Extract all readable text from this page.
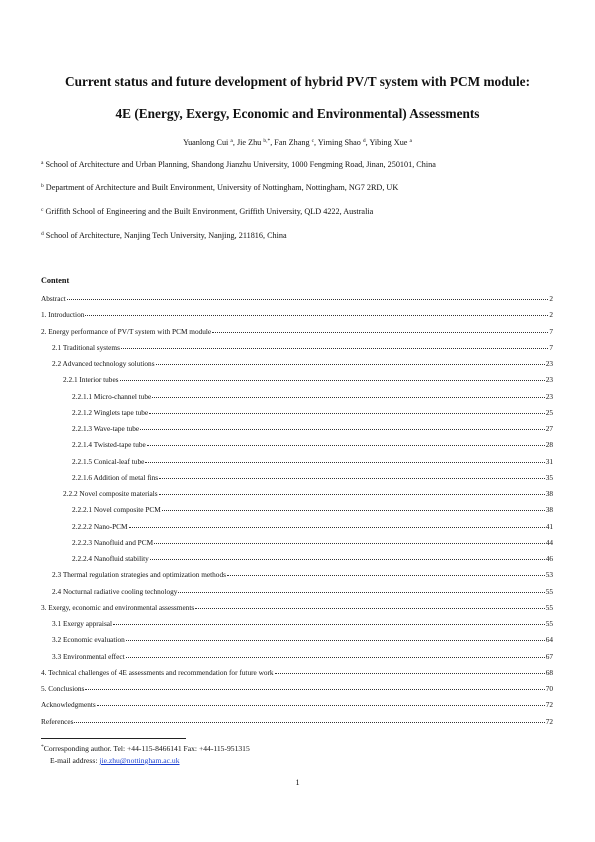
Current status and future development of hybrid PV/T system with PCM module:
4E (Energy, Exergy, Economic and Environmental) Assessments
Yuanlong Cui $^a$, Jie Zhu $^{b,*}$, Fan Zhang $^c$, Yiming Shao $^d$, Yibing Xue $^a$
$^a$ School of Architecture and Urban Planning, Shandong Jianzhu University, 1000 Fengming Road, Jinan, 250101, China
$^b$ Department of Architecture and Built Environment, University of Nottingham, Nottingham, NG7 2RD, UK
$^c$ Griffith School of Engineering and the Built Environment, Griffith University, QLD 4222, Australia
$^d$ School of Architecture, Nanjing Tech University, Nanjing, 211816, China
Content
Abstract	2
1. Introduction	2
2. Energy performance of PV/T system with PCM module	7
2.1 Traditional systems	7
2.2 Advanced technology solutions	23
2.2.1 Interior tubes	23
2.2.1.1 Micro-channel tube	23
2.2.1.2 Winglets tape tube	25
2.2.1.3 Wave-tape tube	27
2.2.1.4 Twisted-tape tube	28
2.2.1.5 Conical-leaf tube	31
2.2.1.6 Addition of metal fins	35
2.2.2 Novel composite materials	38
2.2.2.1 Novel composite PCM	38
2.2.2.2 Nano-PCM	41
2.2.2.3 Nanofluid and PCM	44
2.2.2.4 Nanofluid stability	46
2.3 Thermal regulation strategies and optimization methods	53
2.4 Nocturnal radiative cooling technology	55
3. Exergy, economic and environmental assessments	55
3.1 Exergy appraisal	55
3.2 Economic evaluation	64
3.3 Environmental effect	67
4. Technical challenges of 4E assessments and recommendation for future work	68
5. Conclusions	70
Acknowledgments	72
References	72
*Corresponding author. Tel: +44-115-8466141 Fax: +44-115-951315
E-mail address: jie.zhu@nottingham.ac.uk
1
